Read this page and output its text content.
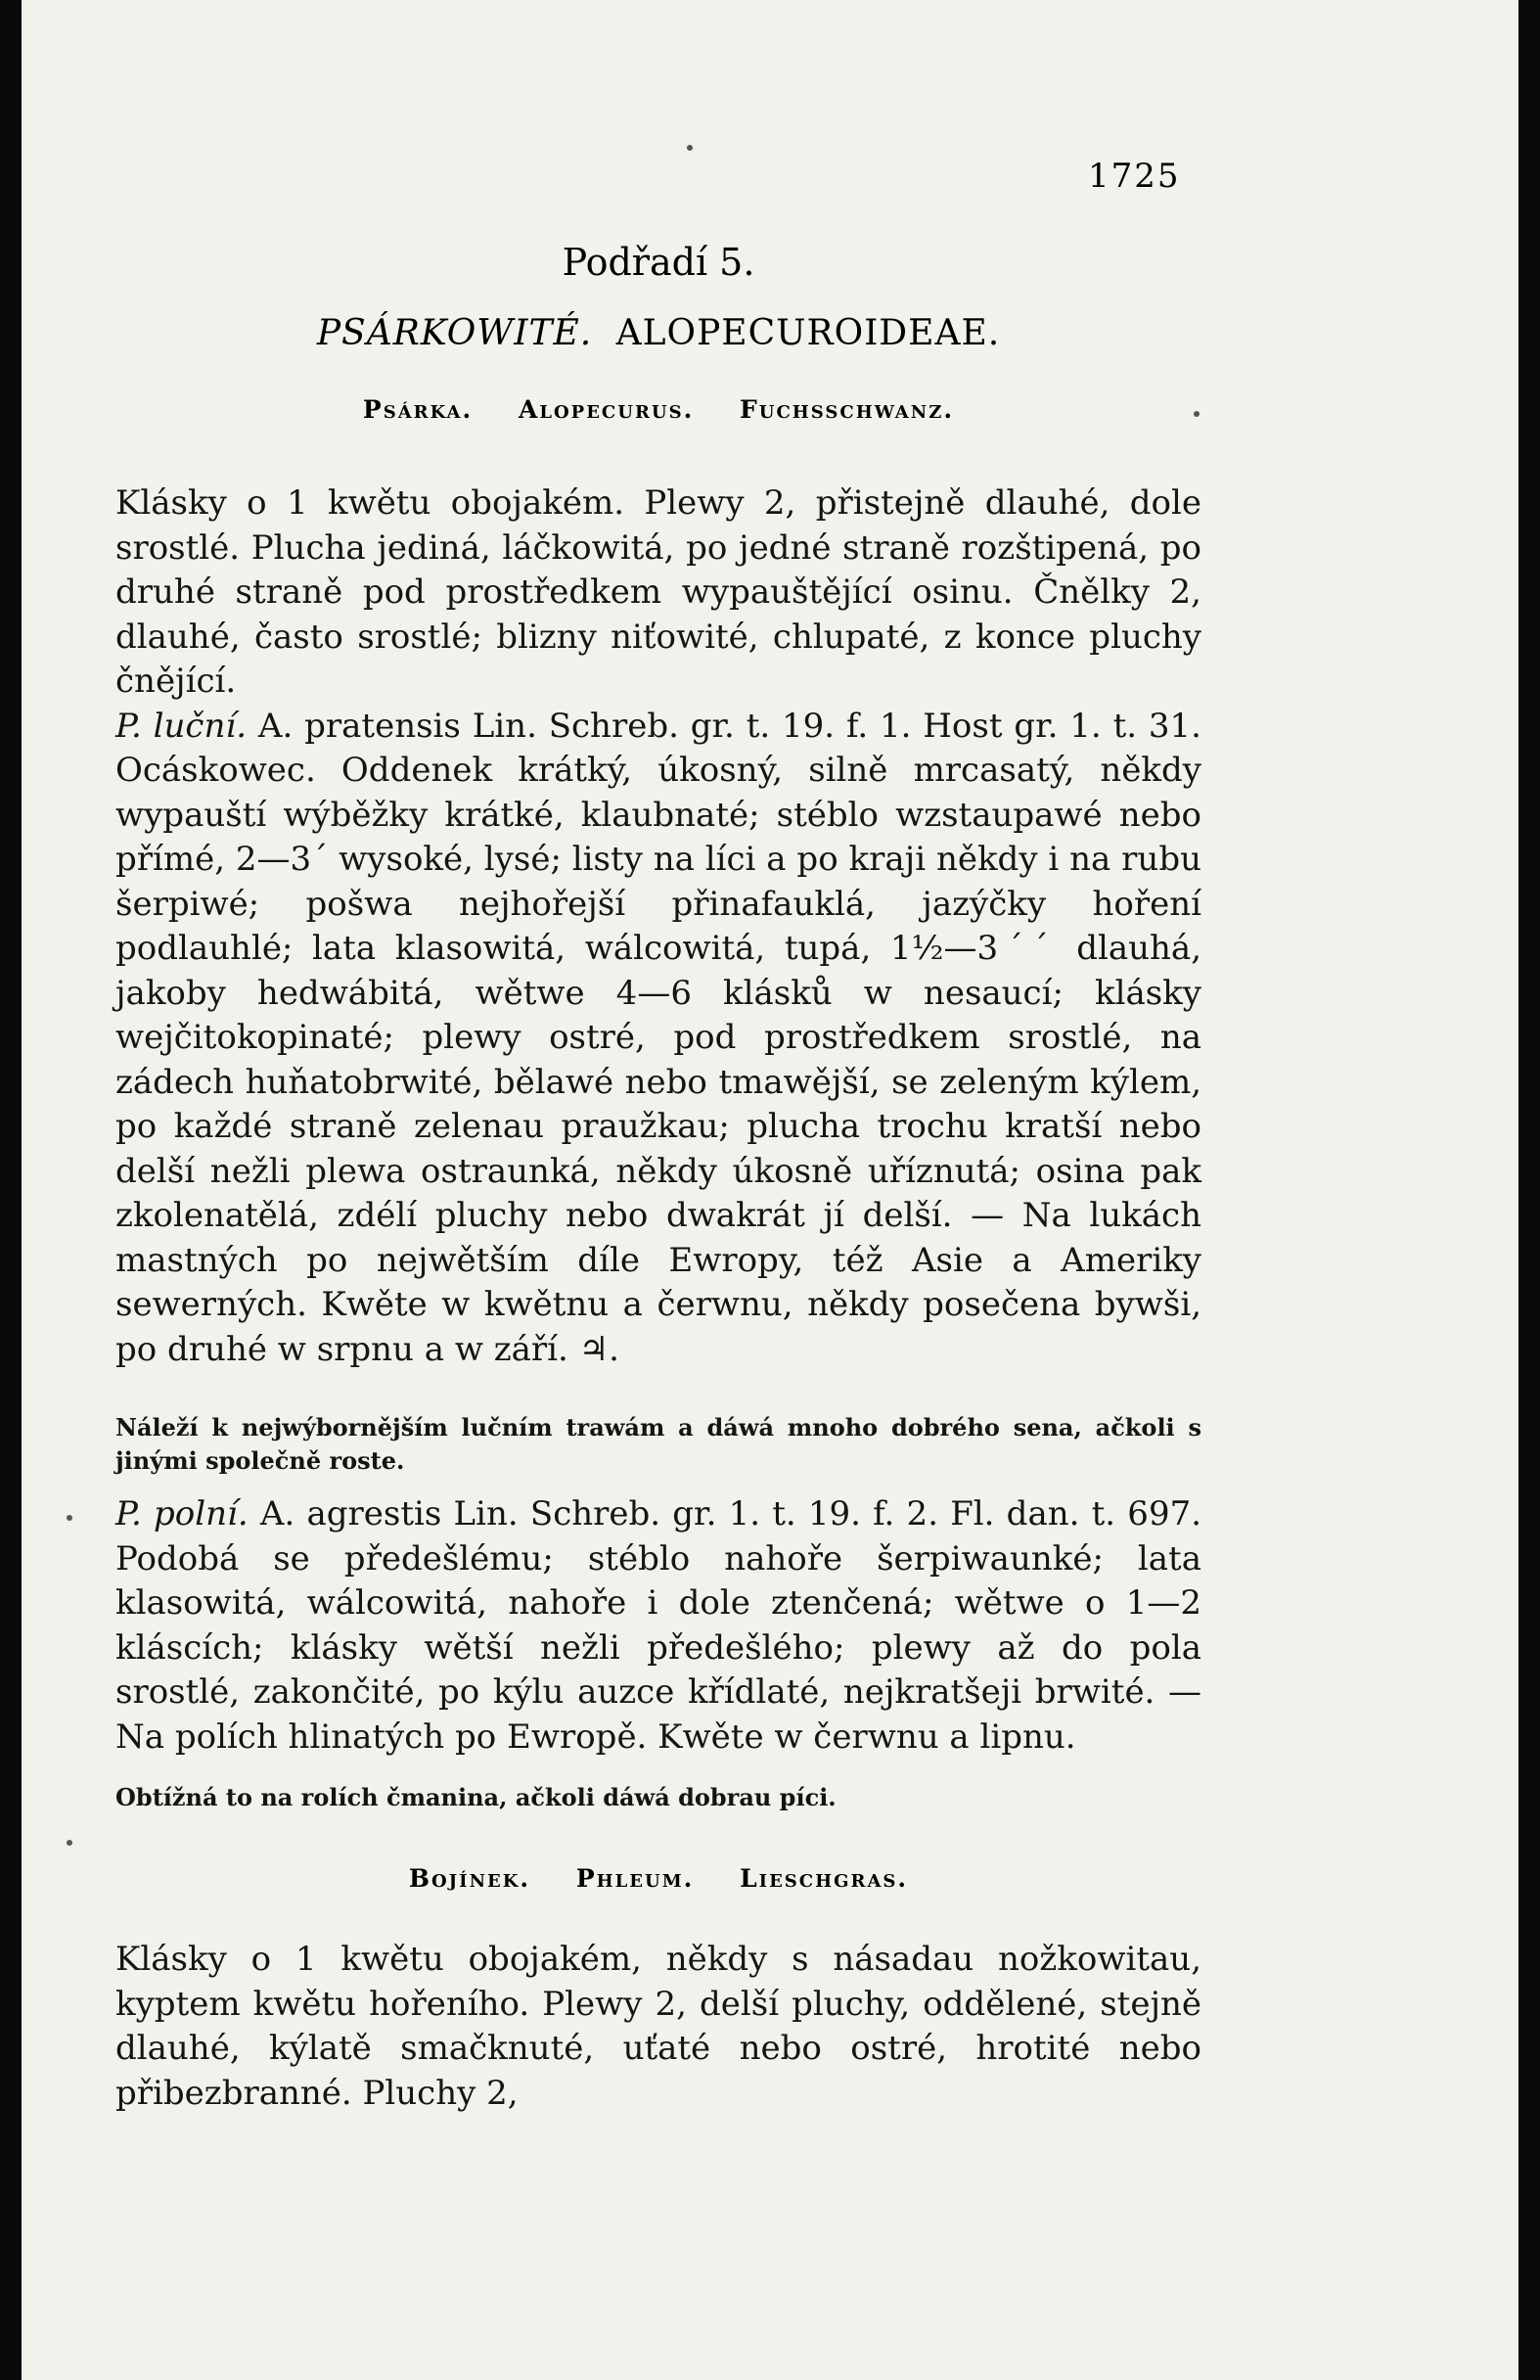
1725
Podřadí 5.
PSÁRKOWITÉ. ALOPECUROIDEAE.
Psárka. Alopecurus. Fuchsschwanz.

Klásky o 1 kwětu obojakém. Plewy 2, přistejně dlauhé, dole srostlé. Plucha jediná, láčkowitá, po jedné straně rozštipená, po druhé straně pod prostředkem wypauštějící osinu. Čnělky 2, dlauhé, často srostlé; blizny niťowité, chlupaté, z konce pluchy čnějící.

P. luční. A. pratensis Lin. Schreb. gr. t. 19. f. 1. Host gr. 1. t. 31. Ocáskowec. Oddenek krátký, úkosný, silně mrcasatý, někdy wypauští wýběžky krátké, klaubnaté; stéblo wzstaupawé nebo přímé, 2—3ˊ wysoké, lysé; listy na líci a po kraji někdy i na rubu šerpiwé; pošwa nejhořejší přinafauklá, jazýčky hoření podlauhlé; lata klasowitá, wálcowitá, tupá, 1½—3ˊˊ dlauhá, jakoby hedwábitá, wětwe 4—6 klásků w nesaucí; klásky wejčitokopinaté; plewy ostré, pod prostředkem srostlé, na zádech huňatobrwité, bělawé nebo tmawější, se zeleným kýlem, po každé straně zelenau praužkau; plucha trochu kratší nebo delší nežli plewa ostraunká, někdy úkosně uříznutá; osina pak zkolenatělá, zdélí pluchy nebo dwakrát jí delší. — Na lukách mastných po nejwětším díle Ewropy, též Asie a Ameriky sewerných. Kwěte w kwětnu a čerwnu, někdy posečena bywši, po druhé w srpnu a w září. ♃.

Náleží k nejwýbornějším lučním trawám a dáwá mnoho dobrého sena, ačkoli s jinými společně roste.

P. polní. A. agrestis Lin. Schreb. gr. 1. t. 19. f. 2. Fl. dan. t. 697. Podobá se předešlému; stéblo nahoře šerpiwaunké; lata klasowitá, wálcowitá, nahoře i dole ztenčená; wětwe o 1—2 kláscích; klásky wětší nežli předešlého; plewy až do pola srostlé, zakončité, po kýlu auzce křídlaté, nejkratšeji brwité. — Na polích hlinatých po Ewropě. Kwěte w čerwnu a lipnu.

Obtížná to na rolích čmanina, ačkoli dáwá dobrau píci.

Bojínek. Phleum. Lieschgras.

Klásky o 1 kwětu obojakém, někdy s násadau nožkowitau, kyptem kwětu hořeního. Plewy 2, delší pluchy, oddělené, stejně dlauhé, kýlatě smačknuté, uťaté nebo ostré, hrotité nebo přibezbranné. Pluchy 2,
